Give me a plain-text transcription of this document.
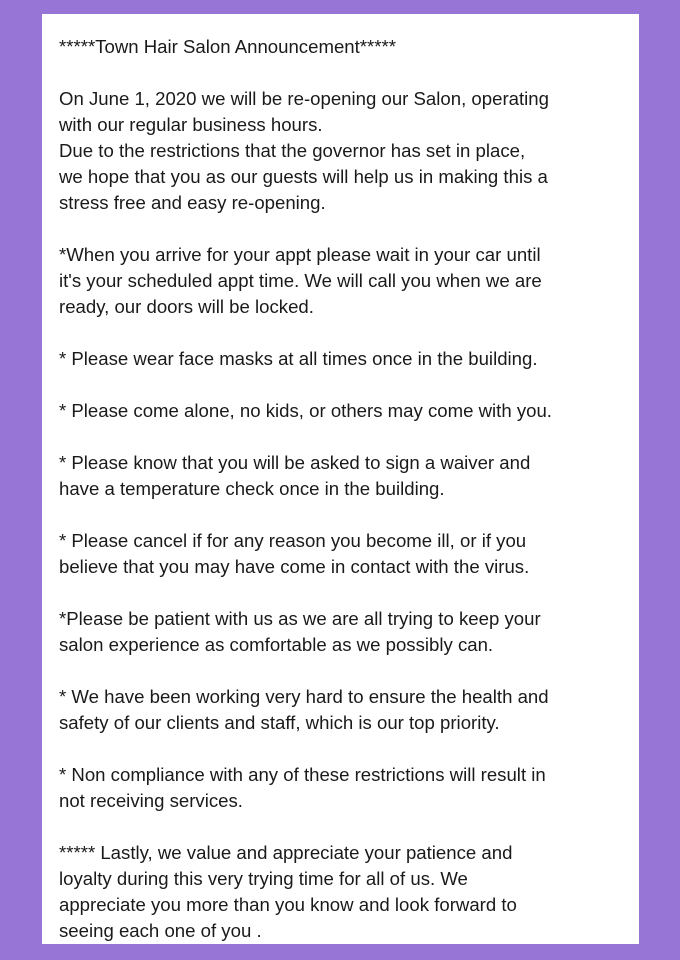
*****Town Hair Salon Announcement*****

On June 1, 2020 we will be re-opening our Salon, operating
with our regular business hours.
Due to the restrictions that the governor has set in place,
we hope that you as our guests will help us in making this a
stress free and easy re-opening.

*When you arrive for your appt please wait in your car until
it's your scheduled appt time. We will call you when we are
ready, our doors will be locked.

* Please wear face masks at all times once in the building.

* Please come alone, no kids, or others may come with you.

* Please know that you will be asked to sign a waiver and
have a temperature check once in the building.

* Please cancel if for any reason you become ill, or if you
believe that you may have come in contact with the virus.

*Please be patient with us as we are all trying to keep your
salon experience as comfortable as we possibly can.

* We have been working very hard to ensure the health and
safety of our clients and staff, which is our top priority.

* Non compliance with any of these restrictions will result in
not receiving services.

***** Lastly, we value and appreciate your patience and
loyalty during this very trying time for all of us. We
appreciate you more than you know and look forward to
seeing each one of you .
